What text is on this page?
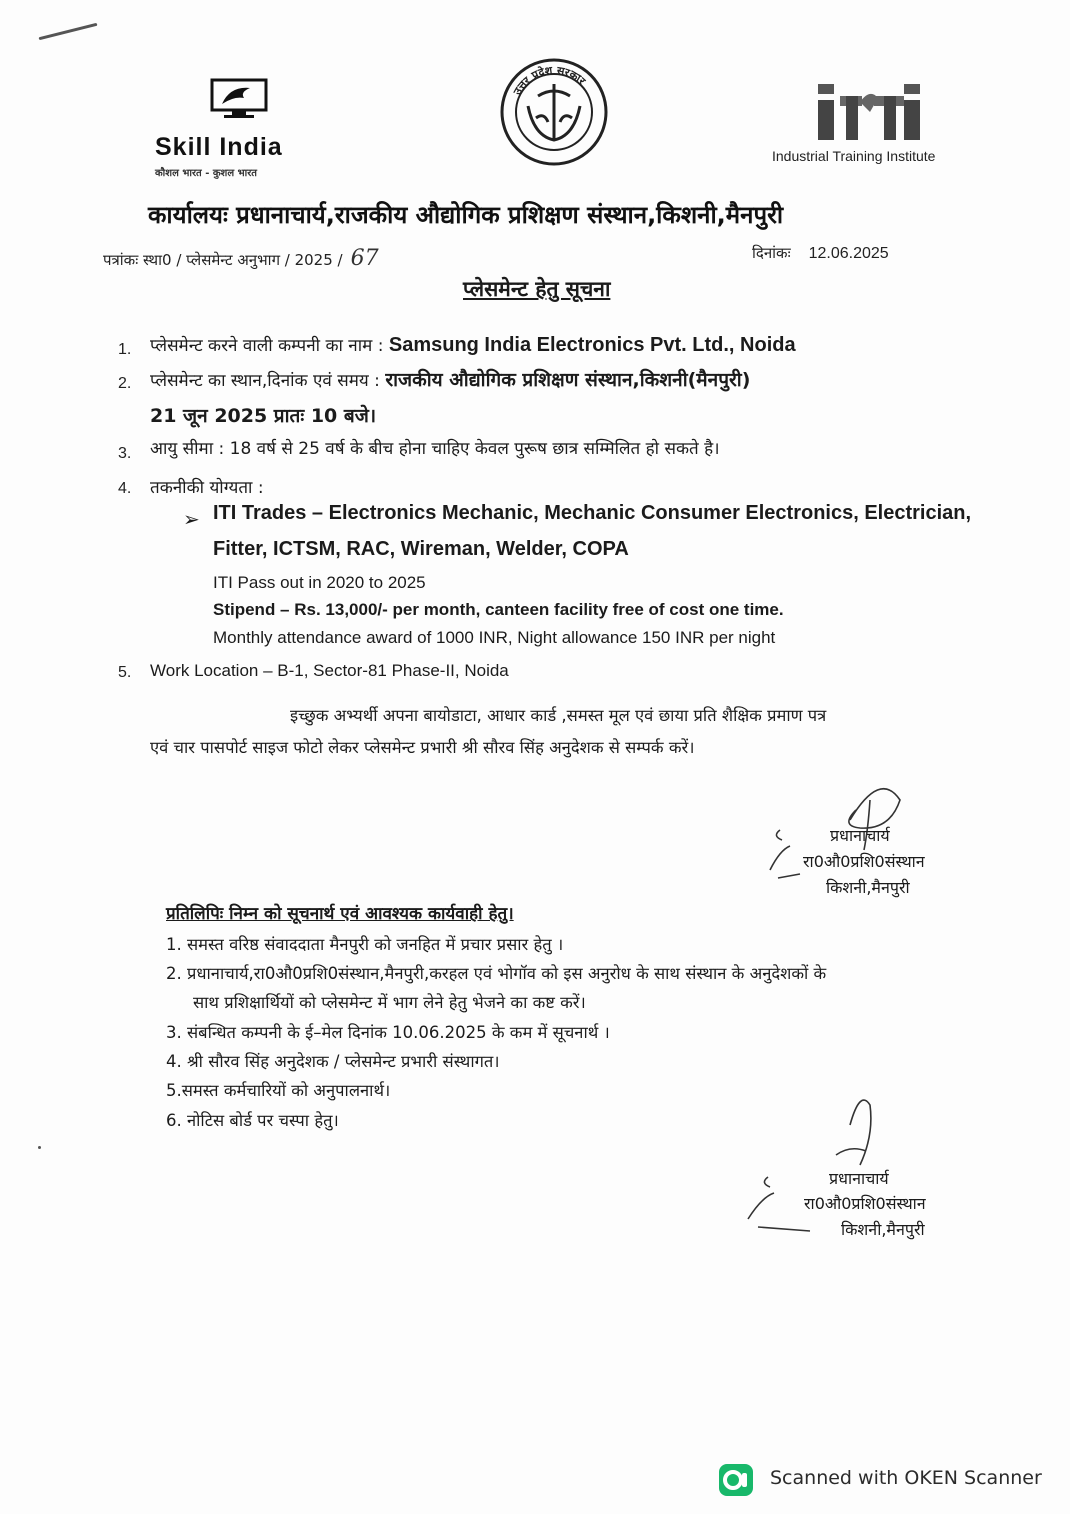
Skill India
कौशल भारत - कुशल भारत
उत्तर प्रदेश सरकार
Industrial Training Institute
कार्यालयः प्रधानाचार्य,राजकीय औद्योगिक प्रशिक्षण संस्थान,किशनी,मैनपुरी
पत्रांकः स्था0 / प्लेसमेन्ट अनुभाग / 2025 / 67	दिनांकः 12.06.2025
प्लेसमेन्ट हेतु सूचना
1. प्लेसमेन्ट करने वाली कम्पनी का नाम : Samsung India Electronics Pvt. Ltd., Noida
2. प्लेसमेन्ट का स्थान,दिनांक एवं समय : राजकीय औद्योगिक प्रशिक्षण संस्थान,किशनी(मैनपुरी)
21 जून 2025 प्रातः 10 बजे।
3. आयु सीमा : 18 वर्ष से 25 वर्ष के बीच होना चाहिए केवल पुरूष छात्र सम्मिलित हो सकते है।
4. तकनीकी योग्यता :
➢ ITI Trades – Electronics Mechanic, Mechanic Consumer Electronics, Electrician,
Fitter, ICTSM, RAC, Wireman, Welder, COPA
ITI Pass out in 2020 to 2025
Stipend – Rs. 13,000/- per month, canteen facility free of cost one time.
Monthly attendance award of 1000 INR, Night allowance 150 INR per night
5. Work Location – B-1, Sector-81 Phase-II, Noida
इच्छुक अभ्यर्थी अपना बायोडाटा, आधार कार्ड ,समस्त मूल एवं छाया प्रति शैक्षिक प्रमाण पत्र
एवं चार पासपोर्ट साइज फोटो लेकर प्लेसमेन्ट प्रभारी श्री सौरव सिंह अनुदेशक से सम्पर्क करें।
प्रधानाचार्य
रा0औ0प्रशि0संस्थान
किशनी,मैनपुरी
प्रतिलिपिः निम्न को सूचनार्थ एवं आवश्यक कार्यवाही हेतु।
1. समस्त वरिष्ठ संवाददाता मैनपुरी को जनहित में प्रचार प्रसार हेतु ।
2. प्रधानाचार्य,रा0औ0प्रशि0संस्थान,मैनपुरी,करहल एवं भोगॉव को इस अनुरोध के साथ संस्थान के अनुदेशकों के
साथ प्रशिक्षार्थियों को प्लेसमेन्ट में भाग लेने हेतु भेजने का कष्ट करें।
3. संबन्धित कम्पनी के ई–मेल दिनांक 10.06.2025 के कम में सूचनार्थ ।
4. श्री सौरव सिंह अनुदेशक / प्लेसमेन्ट प्रभारी संस्थागत।
5.समस्त कर्मचारियों को अनुपालनार्थ।
6. नोटिस बोर्ड पर चस्पा हेतु।
प्रधानाचार्य
रा0औ0प्रशि0संस्थान
किशनी,मैनपुरी
Scanned with OKEN Scanner
